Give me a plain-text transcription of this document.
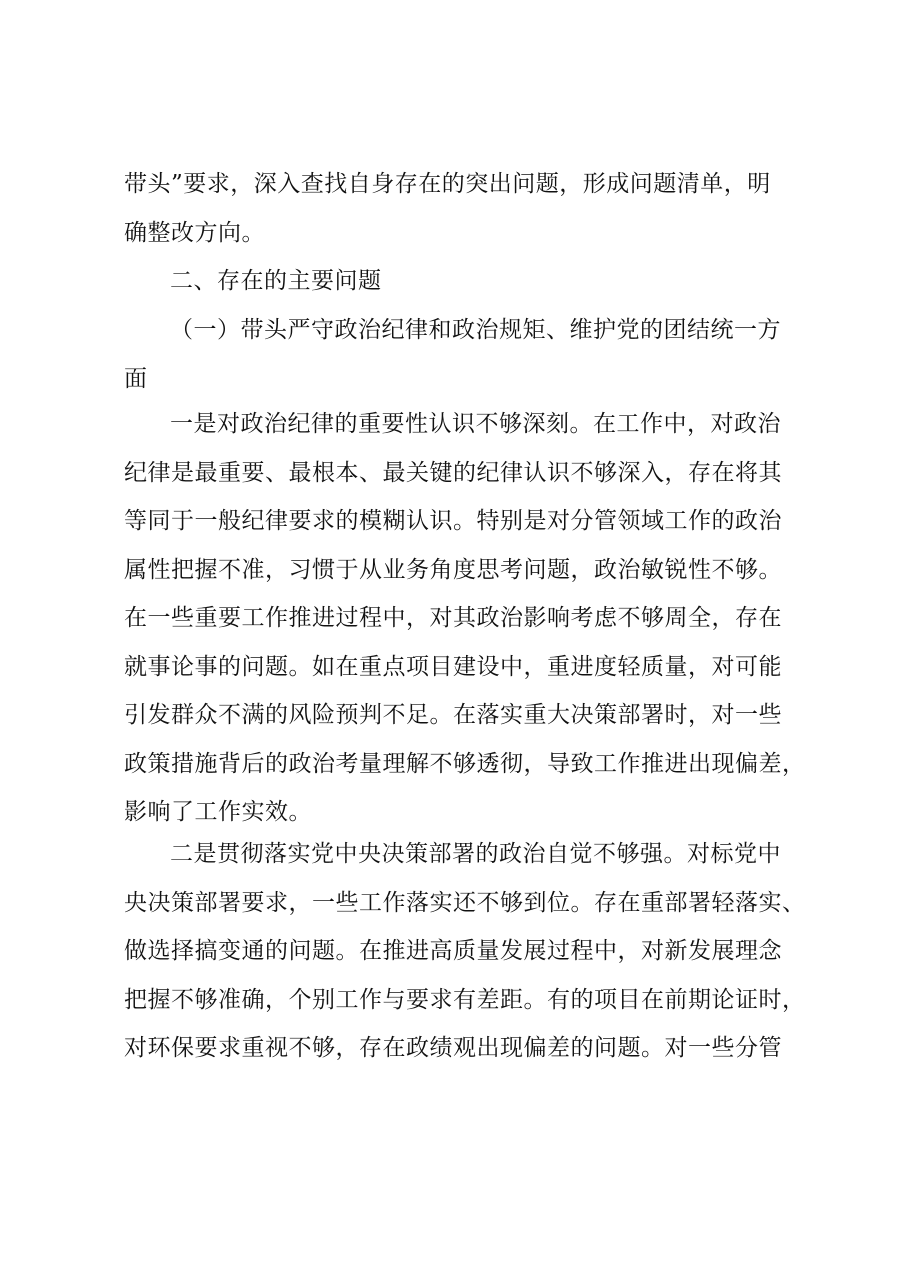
带头”要求，深入查找自身存在的突出问题，形成问题清单，明
确整改方向。
二、存在的主要问题
（一）带头严守政治纪律和政治规矩、维护党的团结统一方
面
一是对政治纪律的重要性认识不够深刻。在工作中，对政治
纪律是最重要、最根本、最关键的纪律认识不够深入，存在将其
等同于一般纪律要求的模糊认识。特别是对分管领域工作的政治
属性把握不准，习惯于从业务角度思考问题，政治敏锐性不够。
在一些重要工作推进过程中，对其政治影响考虑不够周全，存在
就事论事的问题。如在重点项目建设中，重进度轻质量，对可能
引发群众不满的风险预判不足。在落实重大决策部署时，对一些
政策措施背后的政治考量理解不够透彻，导致工作推进出现偏差，
影响了工作实效。
二是贯彻落实党中央决策部署的政治自觉不够强。对标党中
央决策部署要求，一些工作落实还不够到位。存在重部署轻落实、
做选择搞变通的问题。在推进高质量发展过程中，对新发展理念
把握不够准确，个别工作与要求有差距。有的项目在前期论证时，
对环保要求重视不够，存在政绩观出现偏差的问题。对一些分管
